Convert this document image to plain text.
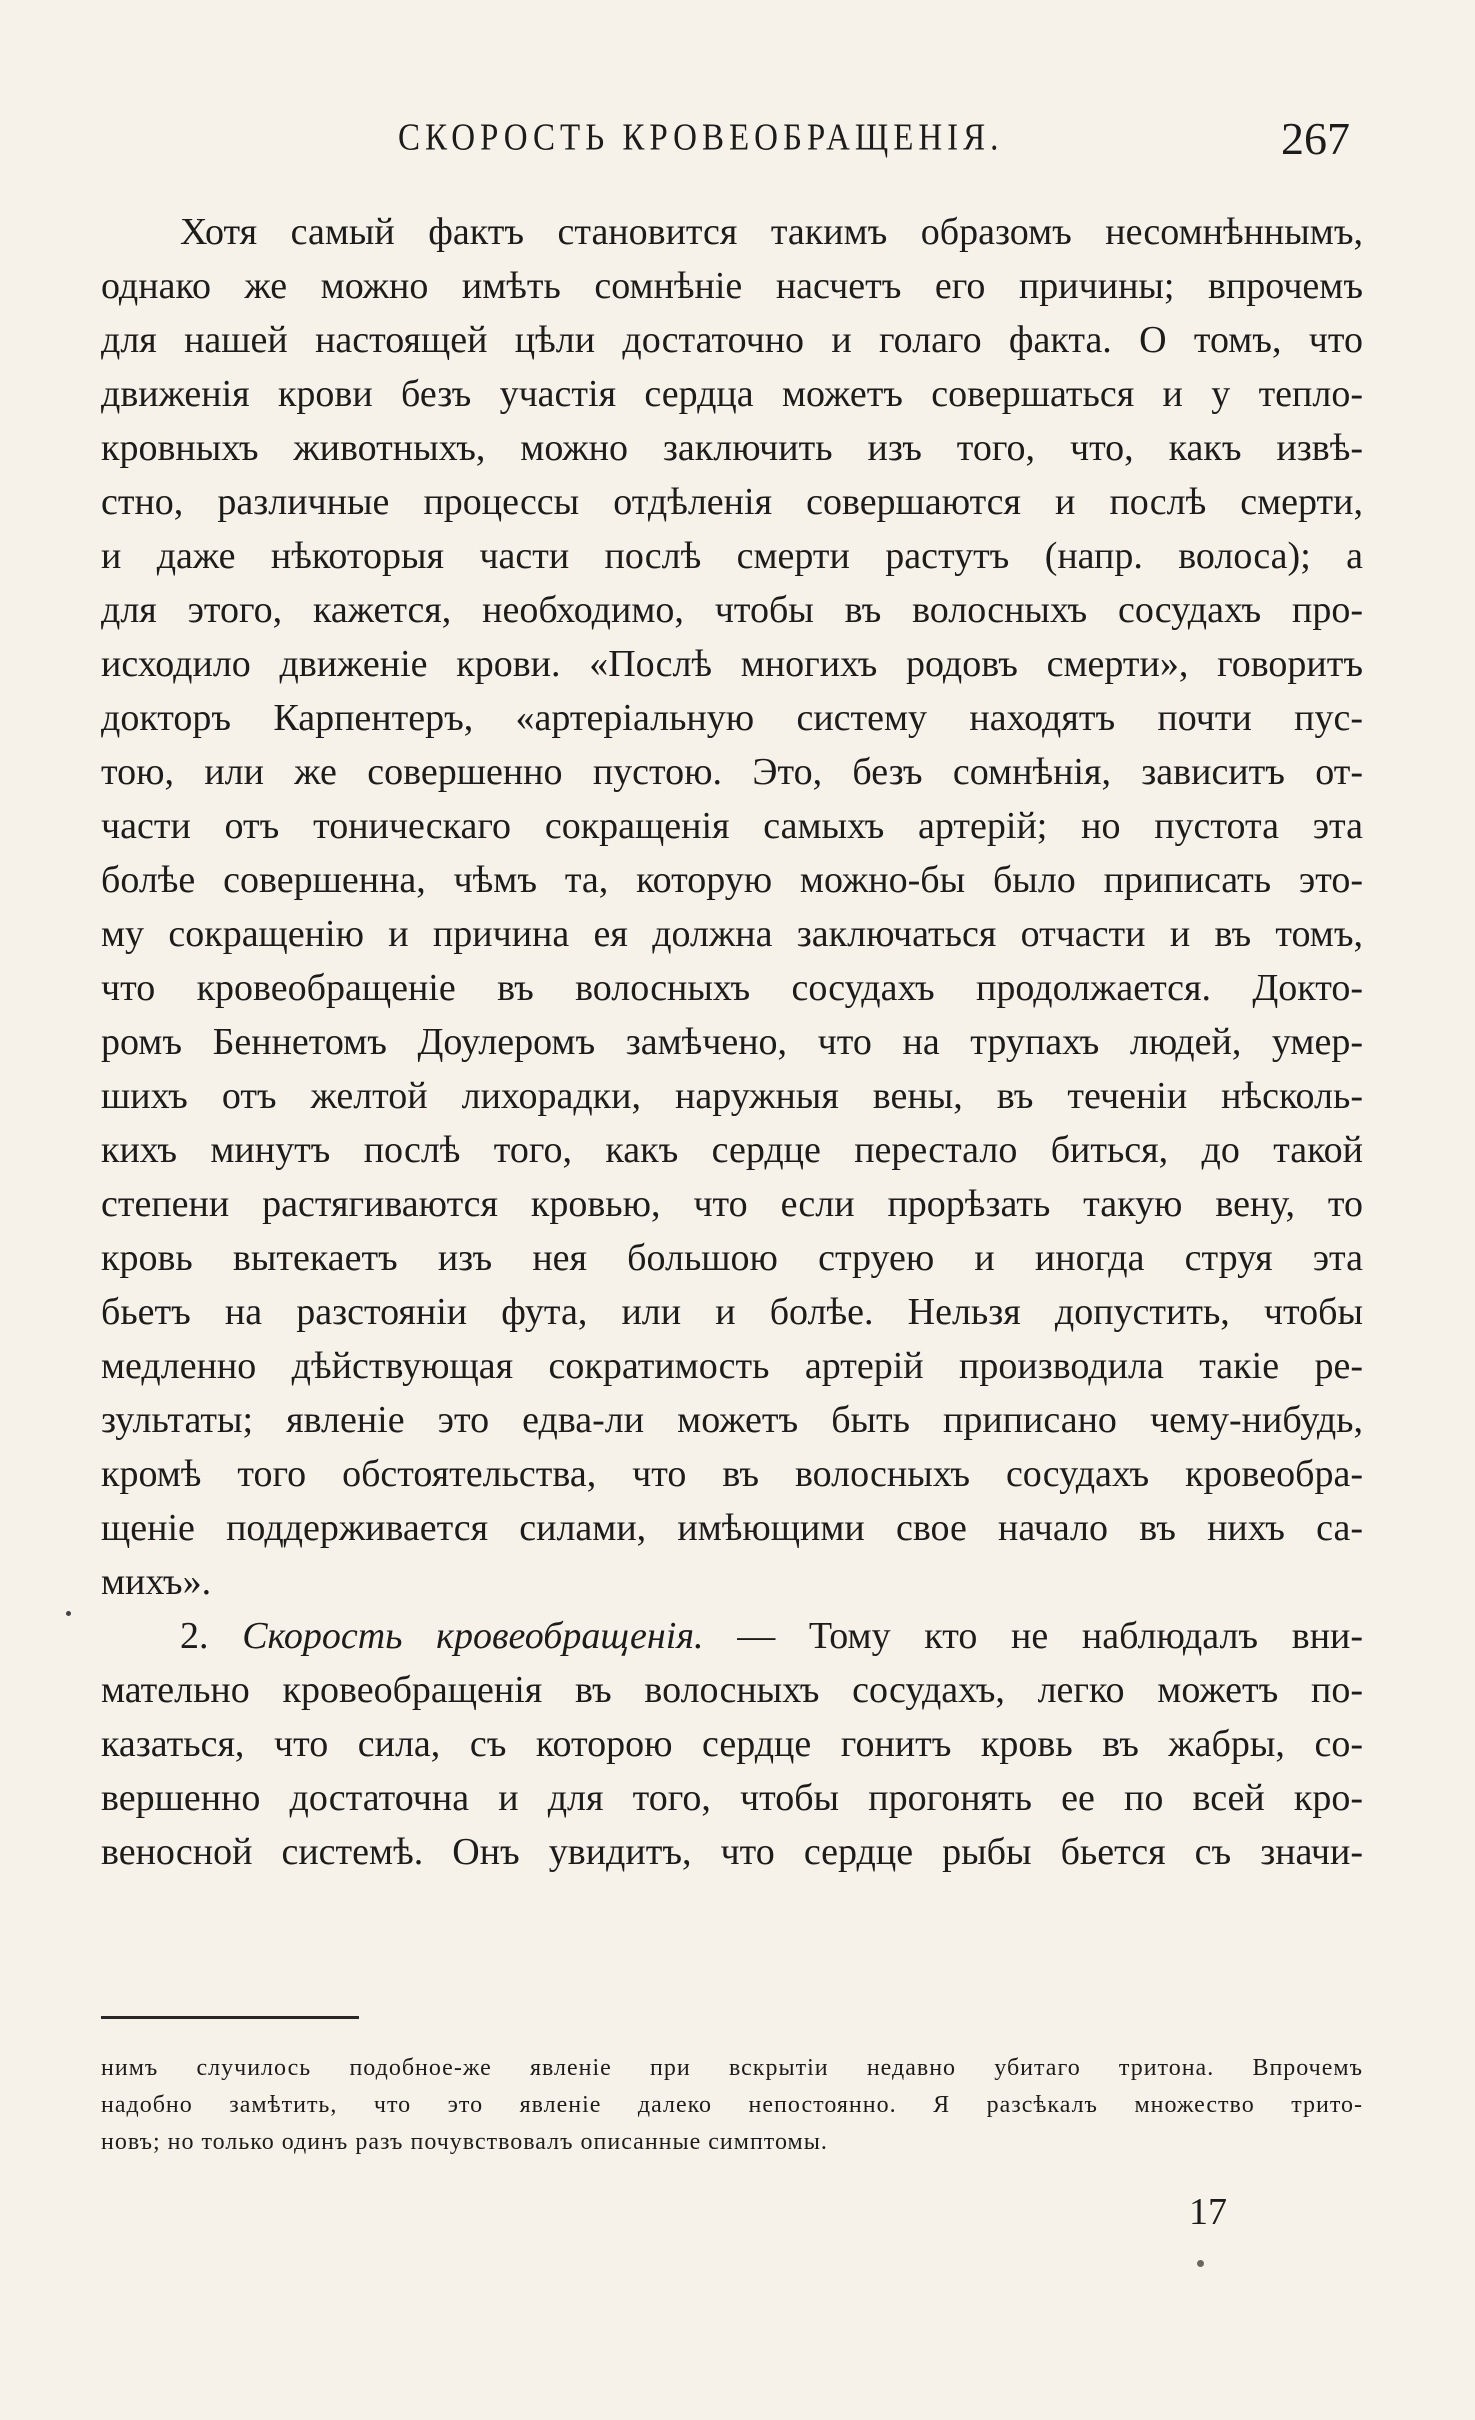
СКОРОСТЬ КРОВЕОБРАЩЕНІЯ.	267
Хотя самый фактъ становится такимъ образомъ несомнѣннымъ,
однако же можно имѣть сомнѣніе насчетъ его причины; впрочемъ
для нашей настоящей цѣли достаточно и голаго факта. О томъ, что
движенія крови безъ участія сердца можетъ совершаться и у тепло-
кровныхъ животныхъ, можно заключить изъ того, что, какъ извѣ-
стно, различные процессы отдѣленія совершаются и послѣ смерти,
и даже нѣкоторыя части послѣ смерти растутъ (напр. волоса); а
для этого, кажется, необходимо, чтобы въ волосныхъ сосудахъ про-
исходило движеніе крови. «Послѣ многихъ родовъ смерти», говоритъ
докторъ Карпентеръ, «артеріальную систему находятъ почти пус-
тою, или же совершенно пустою. Это, безъ сомнѣнія, зависитъ от-
части отъ тоническаго сокращенія самыхъ артерій; но пустота эта
болѣе совершенна, чѣмъ та, которую можно-бы было приписать это-
му сокращенію и причина ея должна заключаться отчасти и въ томъ,
что кровеобращеніе въ волосныхъ сосудахъ продолжается. Докто-
ромъ Беннетомъ Доулеромъ замѣчено, что на трупахъ людей, умер-
шихъ отъ желтой лихорадки, наружныя вены, въ теченіи нѣсколь-
кихъ минутъ послѣ того, какъ сердце перестало биться, до такой
степени растягиваются кровью, что если прорѣзать такую вену, то
кровь вытекаетъ изъ нея большою струею и иногда струя эта
бьетъ на разстояніи фута, или и болѣе. Нельзя допустить, чтобы
медленно дѣйствующая сократимость артерій производила такіе ре-
зультаты; явленіе это едва-ли можетъ быть приписано чему-нибудь,
кромѣ того обстоятельства, что въ волосныхъ сосудахъ кровеобра-
щеніе поддерживается силами, имѣющими свое начало въ нихъ са-
михъ».
2. Скорость кровеобращенія. — Тому кто не наблюдалъ вни-
мательно кровеобращенія въ волосныхъ сосудахъ, легко можетъ по-
казаться, что сила, съ которою сердце гонитъ кровь въ жабры, со-
вершенно достаточна и для того, чтобы прогонять ее по всей кро-
веносной системѣ. Онъ увидитъ, что сердце рыбы бьется съ значи-
нимъ случилось подобное-же явленіе при вскрытіи недавно убитаго тритона. Впрочемъ
надобно замѣтить, что это явленіе далеко непостоянно. Я разсѣкалъ множество трито-
новъ; но только одинъ разъ почувствовалъ описанные симптомы.
17
